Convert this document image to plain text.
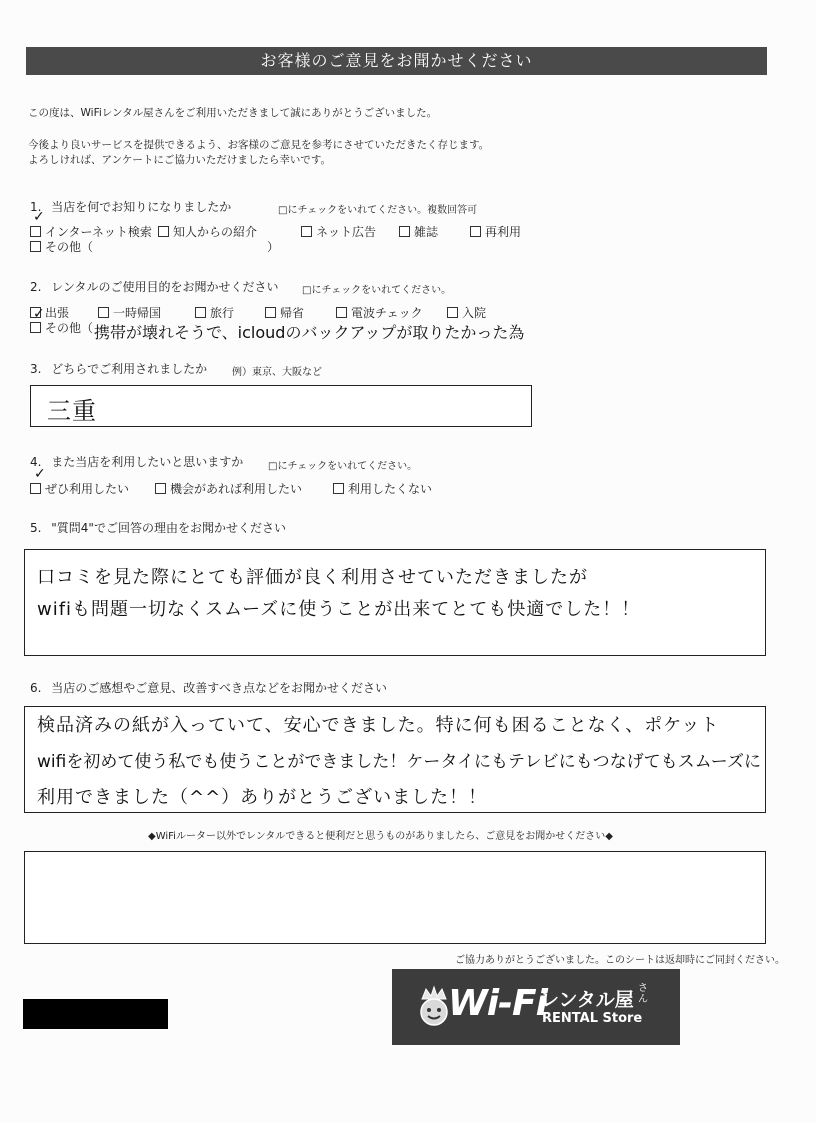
お客様のご意見をお聞かせください
この度は、WiFiレンタル屋さんをご利用いただきまして誠にありがとうございました。
今後より良いサービスを提供できるよう、お客様のご意見を参考にさせていただきたく存じます。
よろしければ、アンケートにご協力いただけましたら幸いです。
1. 当店を何でお知りになりましたか	□にチェックをいれてください。複数回答可
インターネット検索
✓
知人からの紹介	ネット広告	雑誌	再利用
その他（	）
2. レンタルのご使用目的をお聞かせください □にチェックをいれてください。
出張	一時帰国	旅行	帰省	電波チェック	入院
その他（
✓
携帯が壊れそうで、icloudのバックアップが取りたかった為
3. どちらでご利用されましたか 例）東京、大阪など
三重
4. また当店を利用したいと思いますか □にチェックをいれてください。
ぜひ利用したい
✓
機会があれば利用したい	利用したくない
5. "質問4"でご回答の理由をお聞かせください
口コミを見た際にとても評価が良く利用させていただきましたが
wifiも問題一切なくスムーズに使うことが出来てとても快適でした！！
6. 当店のご感想やご意見、改善すべき点などをお聞かせください
検品済みの紙が入っていて、安心できました。特に何も困ることなく、ポケット
wifiを初めて使う私でも使うことができました！ケータイにもテレビにもつなげてもスムーズに
利用できました（^^）ありがとうございました！！
◆WiFiルーター以外でレンタルできると便利だと思うものがありましたら、ご意見をお聞かせください◆
ご協力ありがとうございました。このシートは返却時にご同封ください。
Wi-Fi
レンタル屋
さん
RENTAL Store
